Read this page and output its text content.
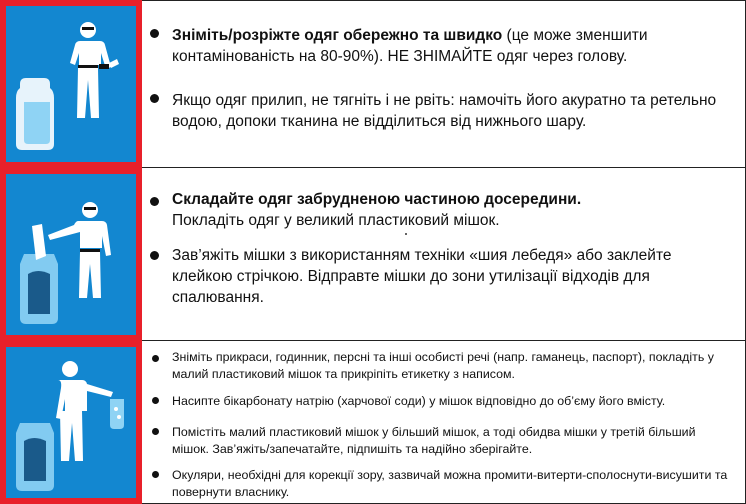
Зніміть/розріжте одяг обережно та швидко (це може зменшити контамінованість на 80-90%). НЕ ЗНІМАЙТЕ одяг через голову.
Якщо одяг прилип, не тягніть і не рвіть: намочіть його акуратно та ретельно водою, допоки тканина не відділиться від нижнього шару.
Складайте одяг забрудненою частиною досередини.
Покладіть одяг у великий пластиковий мішок.
Зав’яжіть мішки з використанням техніки «шия лебедя» або заклейте клейкою стрічкою. Відправте мішки до зони утилізації відходів для спалювання.
Зніміть прикраси, годинник, персні та інші особисті речі (напр. гаманець, паспорт), покладіть у малий пластиковий мішок та прикріпіть етикетку з написом.
Насипте бікарбонату натрію (харчової соди) у мішок відповідно до об’єму його вмісту.
Помістіть малий пластиковий мішок у більший мішок, а тоді обидва мішки у третій більший мішок. Зав’яжіть/запечатайте, підпишіть та надійно зберігайте.
Окуляри, необхідні для корекції зору, зазвичай можна промити-витерти-сполоснути-висушити та повернути власнику.
